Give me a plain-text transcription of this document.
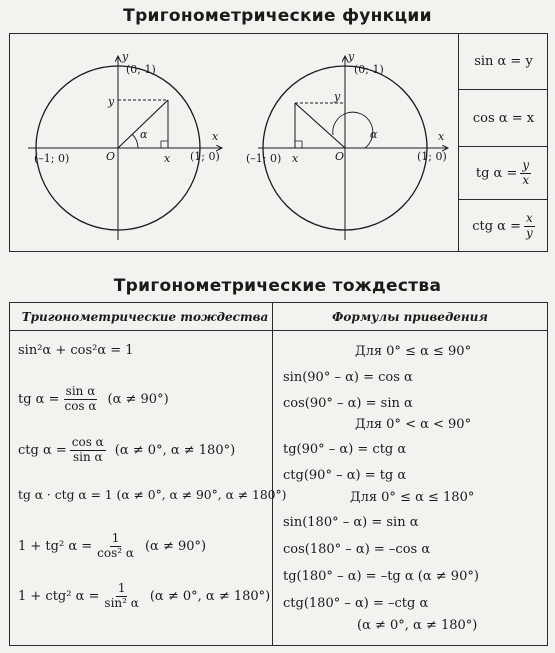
Тригонометрические функции
Тригонометрические тождества
α
y
(0; 1)
x
(–1; 0)	(1; 0)
O	x
y
α
y
(0; 1)
x
(–1; 0)	(1; 0)
O
x
y
sin α = y
cos α = x
tg $\alpha = \frac{y}{x}$
ctg $\alpha = \frac{x}{y}$
Тригонометрические тождества	Формулы приведения
sin²α + cos²α = 1
tg $\alpha = \frac{\text{sin α}}{\text{cos α}} (\alpha \ne 90^\circ)$
ctg $\alpha = \frac{\text{cos α}}{\text{sin α}} (\alpha \ne 0^\circ$, α ≠ 180°)
tg α · ctg α = 1 (α ≠ 0°, α ≠ 90°, α ≠ 180°)
1 + tg² $\alpha = \frac{1}{\text{cos² α}} (\alpha \ne 90^\circ)$
1 + ctg² $\alpha = \frac{1}{\text{sin² α}} (\alpha \ne 0^\circ$, α ≠ 180°)
Для 0° ≤ α ≤ 90°
sin(90° – α) = cos α
cos(90° – α) = sin α
Для 0° < α < 90°
tg(90° – α) = ctg α
ctg(90° – α) = tg α
Для 0° ≤ α ≤ 180°
sin(180° – α) = sin α
cos(180° – α) = –cos α
tg(180° – α) = –tg α (α ≠ 90°)
ctg(180° – α) = –ctg α
(α ≠ 0°, α ≠ 180°)
